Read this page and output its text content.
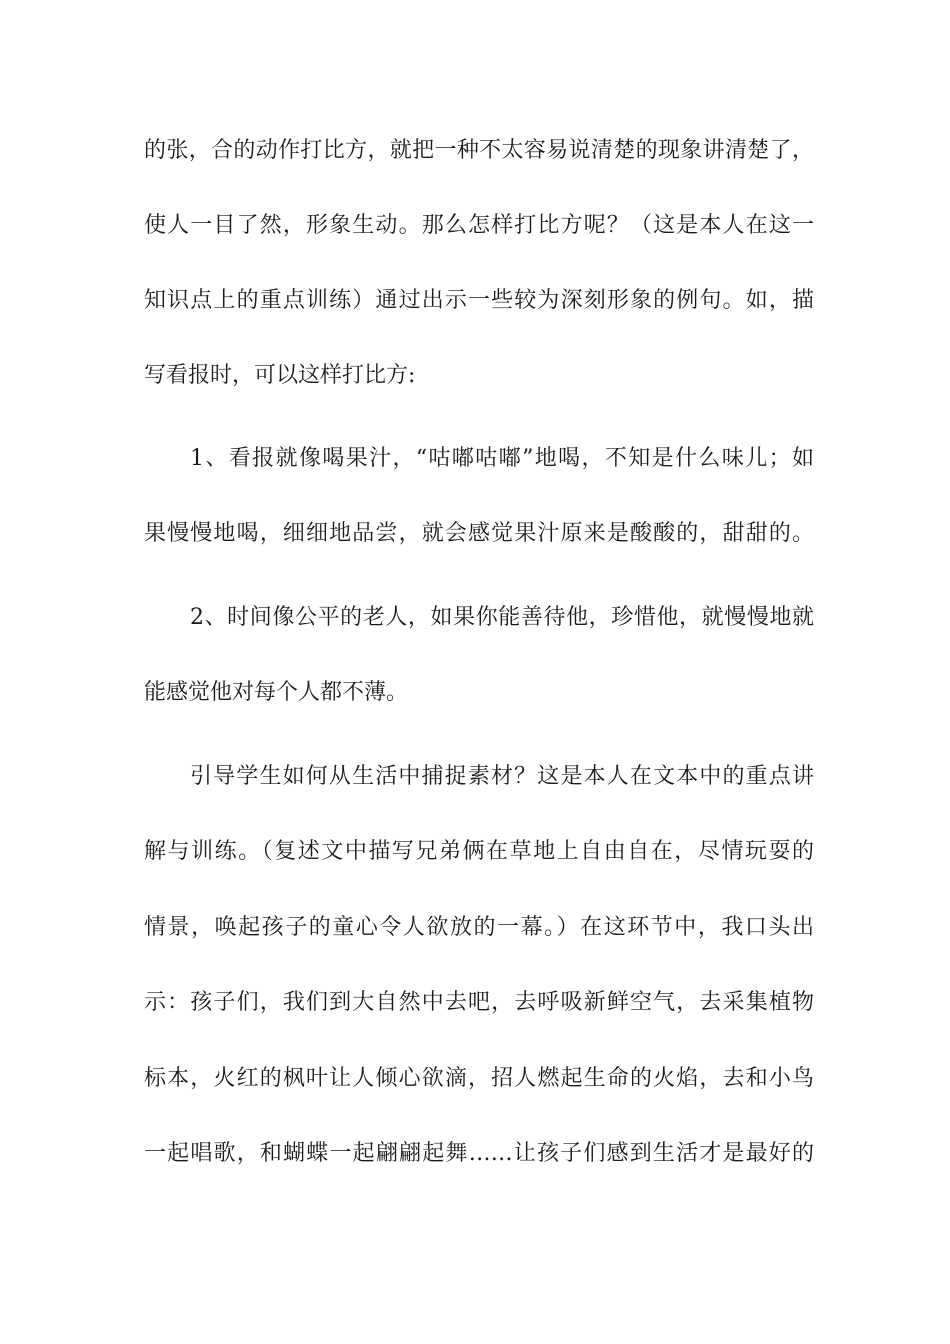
的张，合的动作打比方，就把一种不太容易说清楚的现象讲清楚了，
使人一目了然，形象生动。那么怎样打比方呢？（这是本人在这一
知识点上的重点训练）通过出示一些较为深刻形象的例句。如，描
写看报时，可以这样打比方:
1、看报就像喝果汁，“咕嘟咕嘟”地喝，不知是什么味儿；如
果慢慢地喝，细细地品尝，就会感觉果汁原来是酸酸的，甜甜的。
2、时间像公平的老人，如果你能善待他，珍惜他，就慢慢地就
能感觉他对每个人都不薄。
引导学生如何从生活中捕捉素材？这是本人在文本中的重点讲
解与训练。（复述文中描写兄弟俩在草地上自由自在，尽情玩耍的
情景，唤起孩子的童心令人欲放的一幕。）在这环节中，我口头出
示：孩子们，我们到大自然中去吧，去呼吸新鲜空气，去采集植物
标本，火红的枫叶让人倾心欲滴，招人燃起生命的火焰，去和小鸟
一起唱歌，和蝴蝶一起翩翩起舞……让孩子们感到生活才是最好的
